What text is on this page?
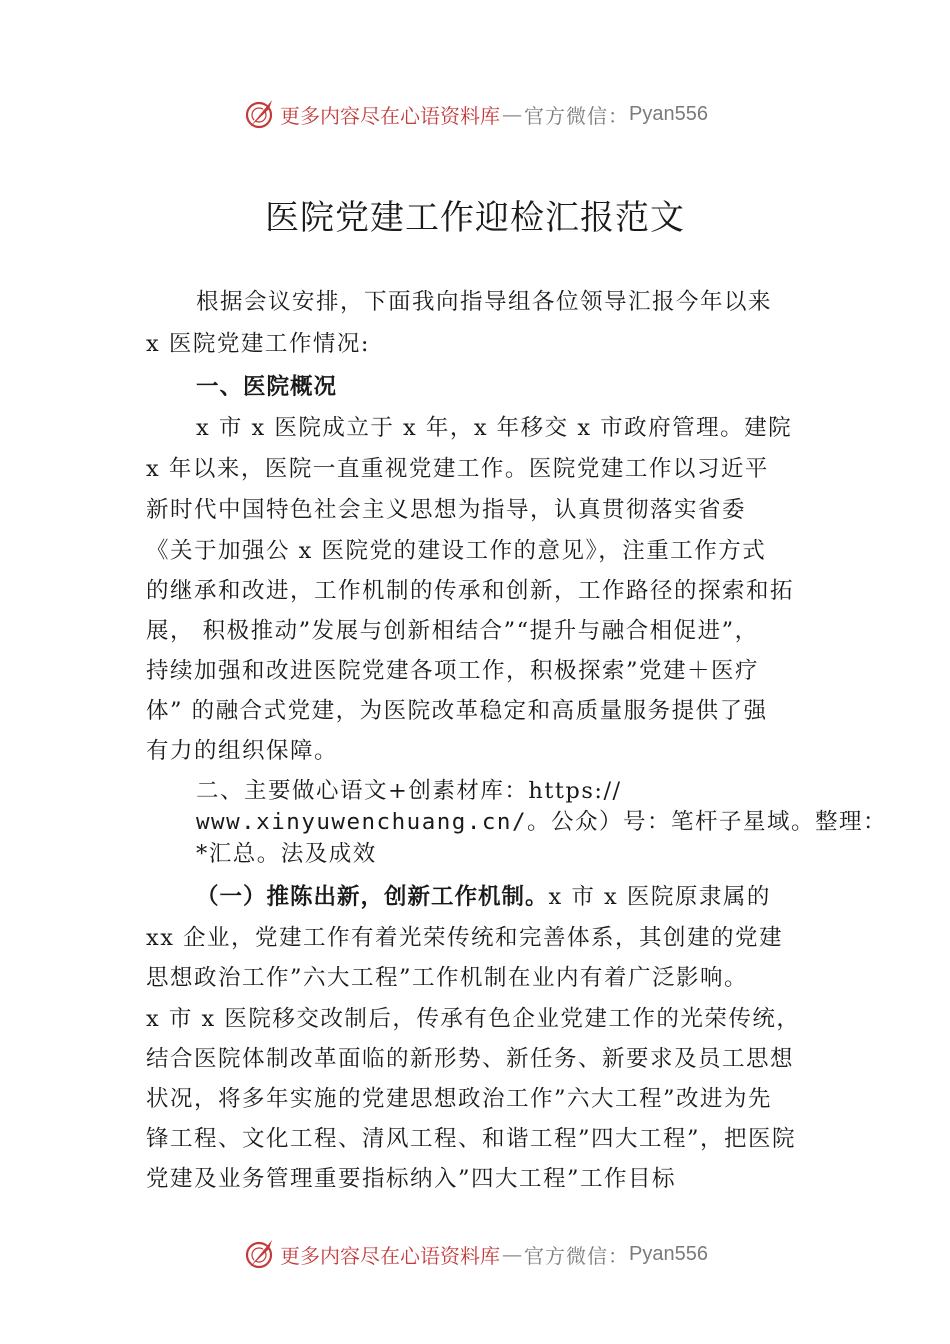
更多内容尽在心语资料库 — 官方微信： Pyan556
医院党建工作迎检汇报范文
根据会议安排，下面我向指导组各位领导汇报今年以来
x 医院党建工作情况:
一、医院概况
x 市 x 医院成立于 x 年，x 年移交 x 市政府管理。建院
x 年以来，医院一直重视党建工作。医院党建工作以习近平
新时代中国特色社会主义思想为指导，认真贯彻落实省委
《关于加强公 x 医院党的建设工作的意见》，注重工作方式
的继承和改进，工作机制的传承和创新，工作路径的探索和拓
展， 积极推动”发展与创新相结合”“提升与融合相促进”，
持续加强和改进医院党建各项工作，积极探索”党建＋医疗
体” 的融合式党建，为医院改革稳定和高质量服务提供了强
有力的组织保障。
二、主要做心语文+创素材库：https://
www.xinyuwenchuang.cn/。公众）号：笔杆子星域。整理：
*汇总。法及成效
（一）推陈出新，创新工作机制。x 市 x 医院原隶属的
xx 企业，党建工作有着光荣传统和完善体系，其创建的党建
思想政治工作”六大工程”工作机制在业内有着广泛影响。
x 市 x 医院移交改制后，传承有色企业党建工作的光荣传统，
结合医院体制改革面临的新形势、新任务、新要求及员工思想
状况，将多年实施的党建思想政治工作”六大工程”改进为先
锋工程、文化工程、清风工程、和谐工程”四大工程”，把医院
党建及业务管理重要指标纳入”四大工程”工作目标
更多内容尽在心语资料库 — 官方微信： Pyan556
